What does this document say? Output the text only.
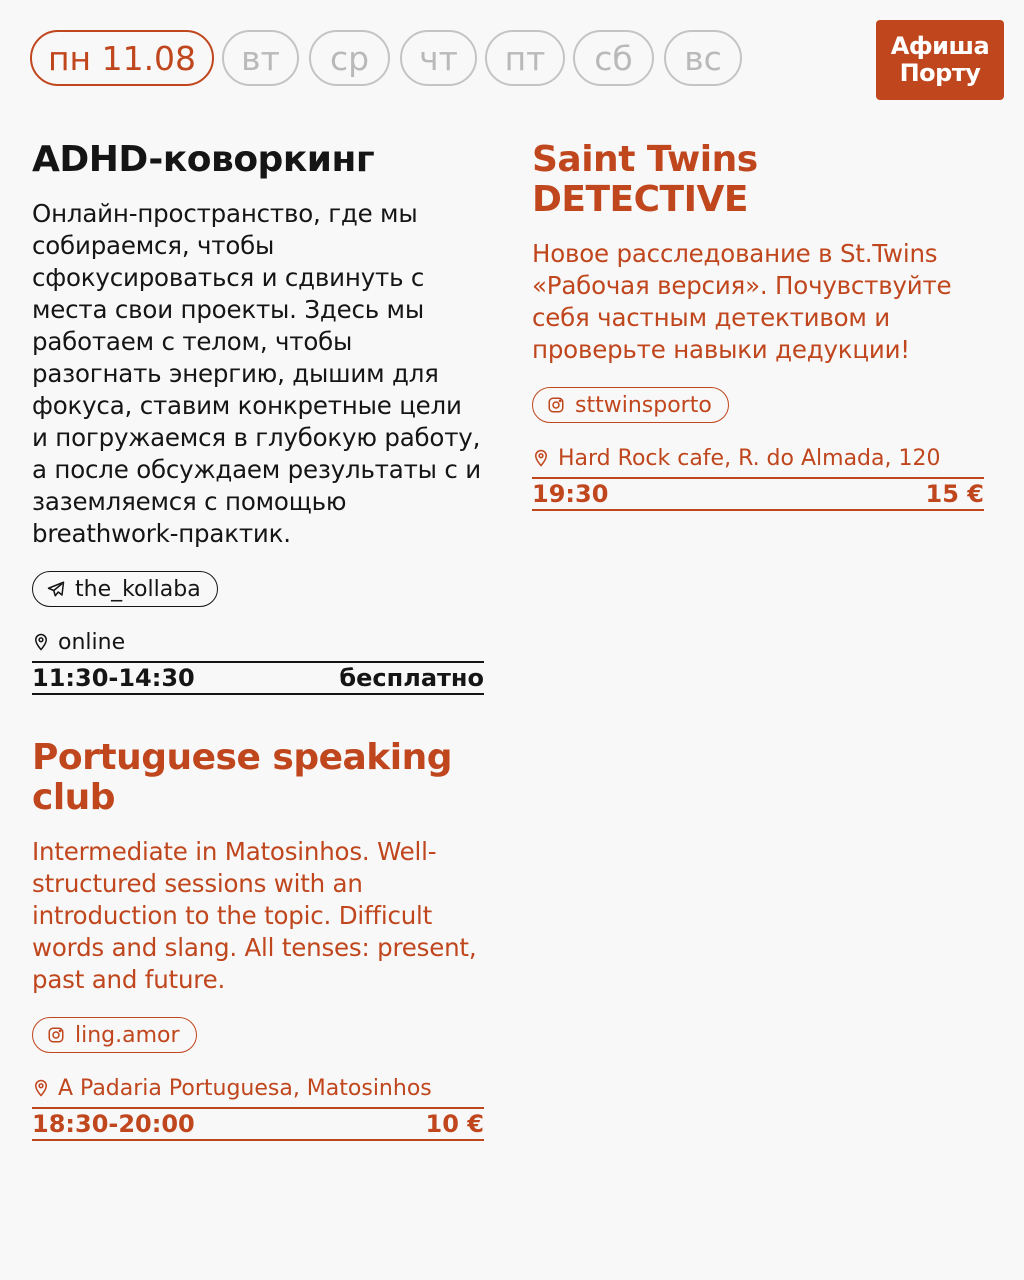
пн 11.08	вт	ср	чт	пт	сб	вс	Афиша
Порту
ADHD-коворкинг

Онлайн-пространство, где мы собираемся, чтобы сфокусироваться и сдвинуть с места свои проекты. Здесь мы работаем с телом, чтобы разогнать энергию, дышим для фокуса, ставим конкретные цели и погружаемся в глубокую работу, а после обсуждаем результаты с и заземляемся с помощью breathwork-практик.

the_kollaba
online
11:30-14:30	бесплатно
Saint Twins DETECTIVE

Новое расследование в St.Twins «Рабочая версия». Почувствуйте себя частным детективом и проверьте навыки дедукции!

sttwinsporto
Hard Rock cafe, R. do Almada, 120
19:30	15 €
Portuguese speaking club

Intermediate in Matosinhos. Well-structured sessions with an introduction to the topic. Difficult words and slang. All tenses: present, past and future.

ling.amor
A Padaria Portuguesa, Matosinhos
18:30-20:00	10 €
